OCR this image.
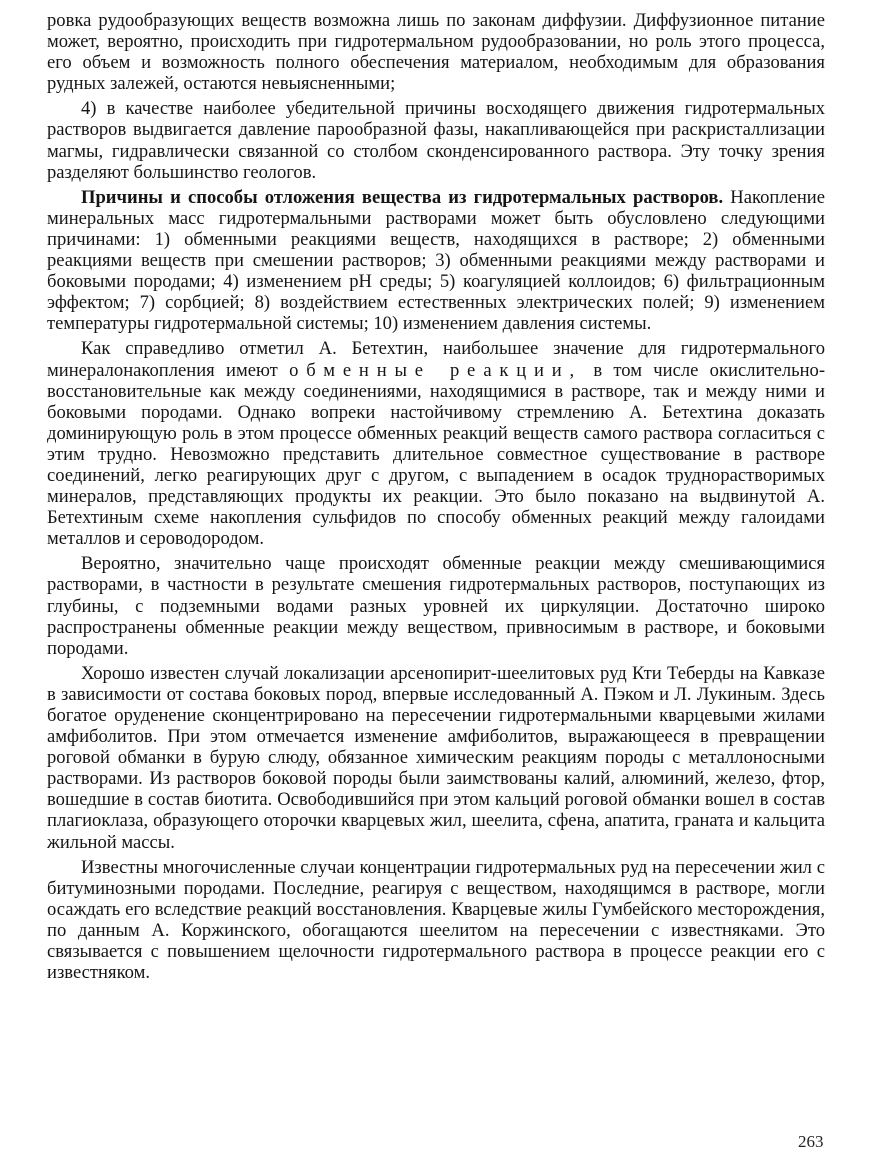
ровка рудообразующих веществ возможна лишь по законам диффузии. Диффузионное питание может, вероятно, происходить при гидротермальном рудообразовании, но роль этого процесса, его объем и возможность полного обеспечения материалом, необходимым для образования рудных залежей, остаются невыясненными;

4) в качестве наиболее убедительной причины восходящего движения гидротермальных растворов выдвигается давление парообразной фазы, накапливающейся при раскристаллизации магмы, гидравлически связанной со столбом сконденсированного раствора. Эту точку зрения разделяют большинство геологов.

Причины и способы отложения вещества из гидротермальных растворов. Накопление минеральных масс гидротермальными растворами может быть обусловлено следующими причинами: 1) обменными реакциями веществ, находящихся в растворе; 2) обменными реакциями веществ при смешении растворов; 3) обменными реакциями между растворами и боковыми породами; 4) изменением pH среды; 5) коагуляцией коллоидов; 6) фильтрационным эффектом; 7) сорбцией; 8) воздействием естественных электрических полей; 9) изменением температуры гидротермальной системы; 10) изменением давления системы.

Как справедливо отметил А. Бетехтин, наибольшее значение для гидротермального минералонакопления имеют обменные реакции, в том числе окислительно-восстановительные как между соединениями, находящимися в растворе, так и между ними и боковыми породами. Однако вопреки настойчивому стремлению А. Бетехтина доказать доминирующую роль в этом процессе обменных реакций веществ самого раствора согласиться с этим трудно. Невозможно представить длительное совместное существование в растворе соединений, легко реагирующих друг с другом, с выпадением в осадок труднорастворимых минералов, представляющих продукты их реакции. Это было показано на выдвинутой А. Бетехтиным схеме накопления сульфидов по способу обменных реакций между галоидами металлов и сероводородом.

Вероятно, значительно чаще происходят обменные реакции между смешивающимися растворами, в частности в результате смешения гидротермальных растворов, поступающих из глубины, с подземными водами разных уровней их циркуляции. Достаточно широко распространены обменные реакции между веществом, привносимым в растворе, и боковыми породами.

Хорошо известен случай локализации арсенопирит-шеелитовых руд Кти Теберды на Кавказе в зависимости от состава боковых пород, впервые исследованный А. Пэком и Л. Лукиным. Здесь богатое оруденение сконцентрировано на пересечении гидротермальными кварцевыми жилами амфиболитов. При этом отмечается изменение амфиболитов, выражающееся в превращении роговой обманки в бурую слюду, обязанное химическим реакциям породы с металлоносными растворами. Из растворов боковой породы были заимствованы калий, алюминий, железо, фтор, вошедшие в состав биотита. Освободившийся при этом кальций роговой обманки вошел в состав плагиоклаза, образующего оторочки кварцевых жил, шеелита, сфена, апатита, граната и кальцита жильной массы.

Известны многочисленные случаи концентрации гидротермальных руд на пересечении жил с битуминозными породами. Последние, реагируя с веществом, находящимся в растворе, могли осаждать его вследствие реакций восстановления. Кварцевые жилы Гумбейского месторождения, по данным А. Коржинского, обогащаются шеелитом на пересечении с известняками. Это связывается с повышением щелочности гидротермального раствора в процессе реакции его с известняком.

263
